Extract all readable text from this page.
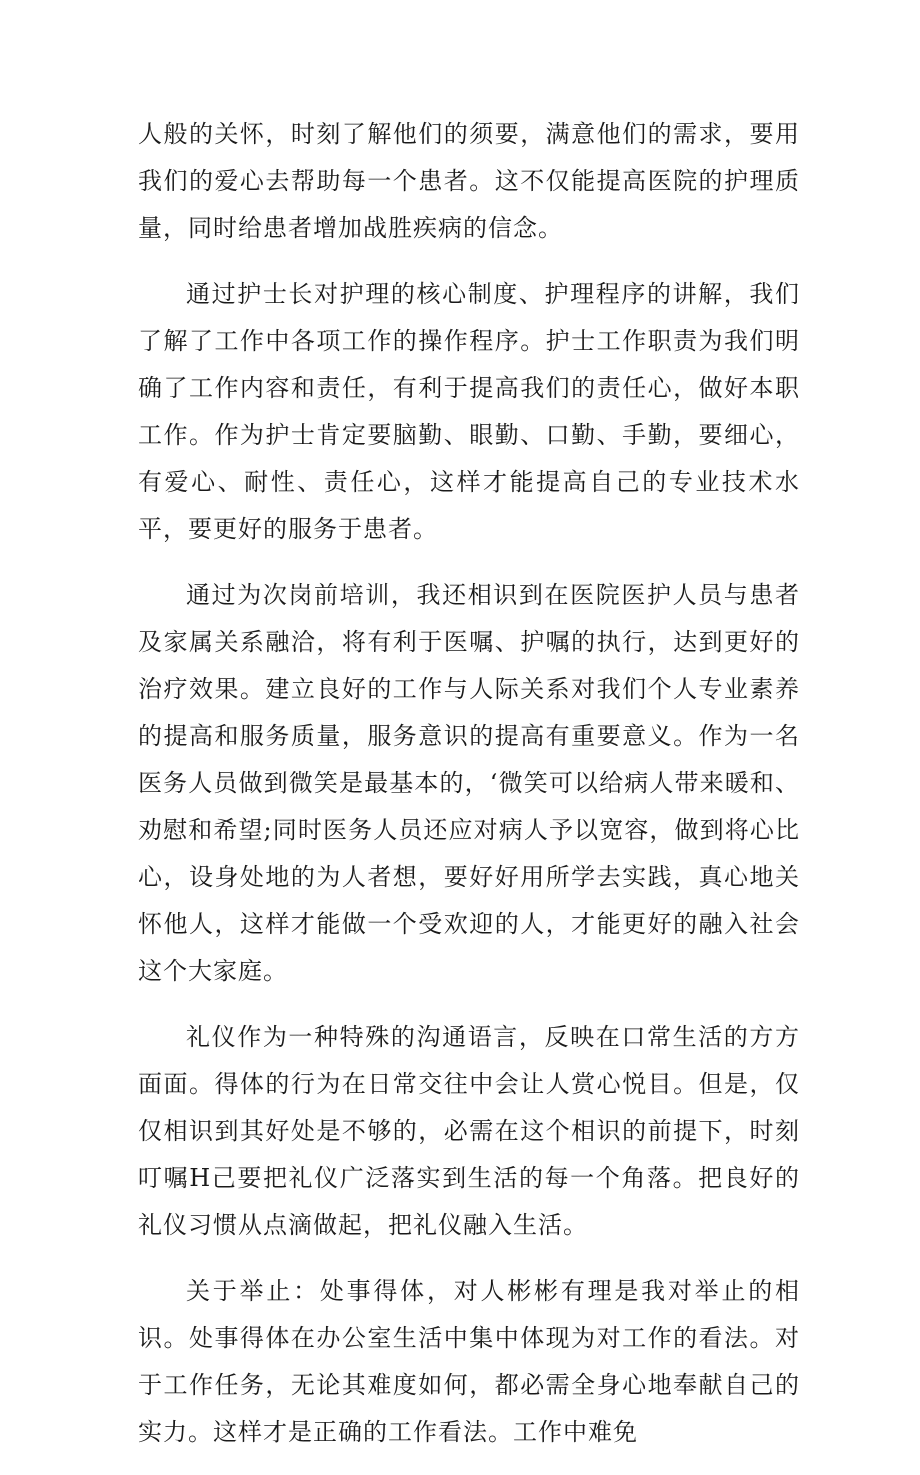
人般的关怀，时刻了解他们的须要，满意他们的需求，要用我们的爱心去帮助每一个患者。这不仅能提高医院的护理质量，同时给患者增加战胜疾病的信念。

通过护士长对护理的核心制度、护理程序的讲解，我们了解了工作中各项工作的操作程序。护士工作职责为我们明确了工作内容和责任，有利于提高我们的责任心，做好本职工作。作为护士肯定要脑勤、眼勤、口勤、手勤，要细心，有爱心、耐性、责任心，这样才能提高自己的专业技术水平，要更好的服务于患者。

通过为次岗前培训，我还相识到在医院医护人员与患者及家属关系融洽，将有利于医嘱、护嘱的执行，达到更好的治疗效果。建立良好的工作与人际关系对我们个人专业素养的提高和服务质量，服务意识的提高有重要意义。作为一名医务人员做到微笑是最基本的，‘微笑可以给病人带来暖和、劝慰和希望;同时医务人员还应对病人予以宽容，做到将心比心，设身处地的为人者想，要好好用所学去实践，真心地关怀他人，这样才能做一个受欢迎的人，才能更好的融入社会这个大家庭。

礼仪作为一种特殊的沟通语言，反映在口常生活的方方面面。得体的行为在日常交往中会让人赏心悦目。但是，仅仅相识到其好处是不够的，必需在这个相识的前提下，时刻叮嘱H己要把礼仪广泛落实到生活的每一个角落。把良好的礼仪习惯从点滴做起，把礼仪融入生活。

关于举止：处事得体，对人彬彬有理是我对举止的相识。处事得体在办公室生活中集中体现为对工作的看法。对于工作任务，无论其难度如何，都必需全身心地奉献自己的实力。这样才是正确的工作看法。工作中难免
